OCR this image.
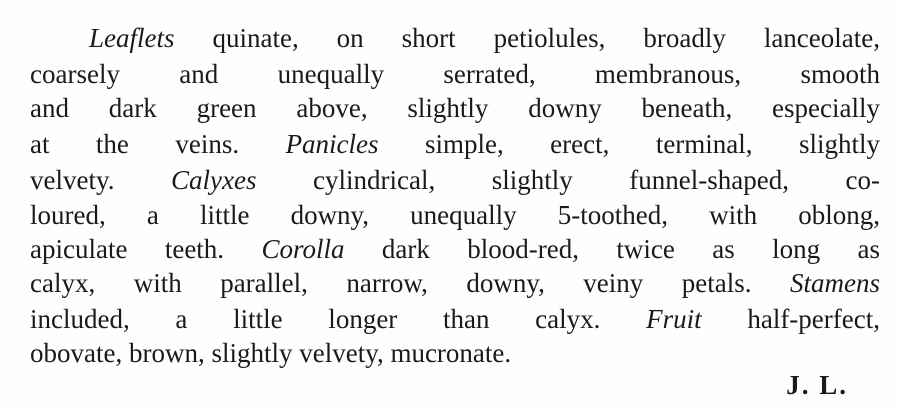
Leaflets quinate, on short petiolules, broadly lanceolate,
coarsely and unequally serrated, membranous, smooth
and dark green above, slightly downy beneath, especially
at the veins. Panicles simple, erect, terminal, slightly
velvety. Calyxes cylindrical, slightly funnel-shaped, co-
loured, a little downy, unequally 5-toothed, with oblong,
apiculate teeth. Corolla dark blood-red, twice as long as
calyx, with parallel, narrow, downy, veiny petals. Stamens
included, a little longer than calyx. Fruit half-perfect,
obovate, brown, slightly velvety, mucronate.
J. L.
